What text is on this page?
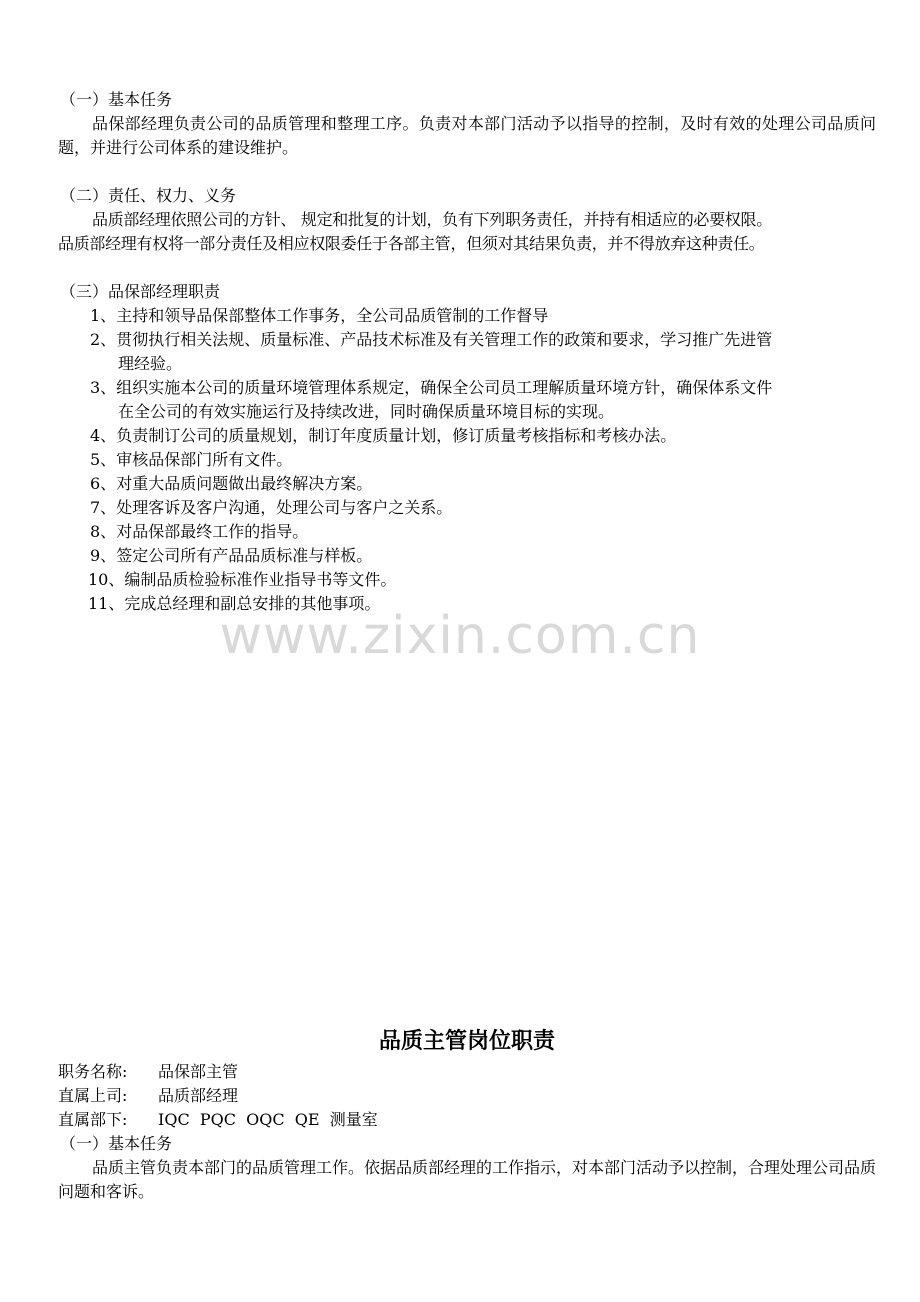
（一）基本任务

品保部经理负责公司的品质管理和整理工序。负责对本部门活动予以指导的控制，及时有效的处理公司品质问题，并进行公司体系的建设维护。

（二）责任、权力、义务

品质部经理依照公司的方针、 规定和批复的计划，负有下列职务责任，并持有相适应的必要权限。

品质部经理有权将一部分责任及相应权限委任于各部主管，但须对其结果负责，并不得放弃这种责任。

（三）品保部经理职责

1、主持和领导品保部整体工作事务，全公司品质管制的工作督导
2、贯彻执行相关法规、质量标准、产品技术标准及有关管理工作的政策和要求，学习推广先进管
理经验。
3、组织实施本公司的质量环境管理体系规定，确保全公司员工理解质量环境方针，确保体系文件
在全公司的有效实施运行及持续改进，同时确保质量环境目标的实现。
4、负责制订公司的质量规划，制订年度质量计划，修订质量考核指标和考核办法。
5、审核品保部门所有文件。
6、对重大品质问题做出最终解决方案。
7、处理客诉及客户沟通，处理公司与客户之关系。
8、对品保部最终工作的指导。
9、签定公司所有产品品质标准与样板。
10、编制品质检验标准作业指导书等文件。
11、完成总经理和副总安排的其他事项。
www.zixin.com.cn
品质主管岗位职责

职务名称: 品保部主管

直属上司: 品质部经理

直属部下: IQC  PQC  OQC  QE  测量室

（一）基本任务

品质主管负责本部门的品质管理工作。依据品质部经理的工作指示，对本部门活动予以控制，合理处理公司品质问题和客诉。
